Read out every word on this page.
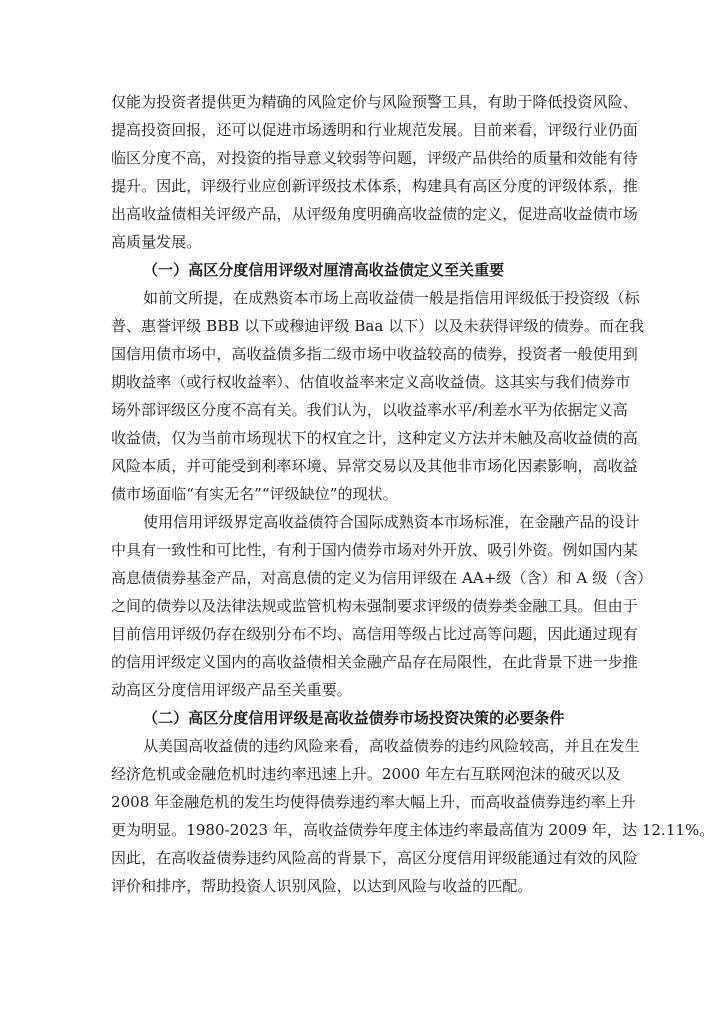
仅能为投资者提供更为精确的风险定价与风险预警工具，有助于降低投资风险、
提高投资回报，还可以促进市场透明和行业规范发展。目前来看，评级行业仍面
临区分度不高，对投资的指导意义较弱等问题，评级产品供给的质量和效能有待
提升。因此，评级行业应创新评级技术体系，构建具有高区分度的评级体系，推
出高收益债相关评级产品，从评级角度明确高收益债的定义，促进高收益债市场
高质量发展。
（一）高区分度信用评级对厘清高收益债定义至关重要
如前文所提，在成熟资本市场上高收益债一般是指信用评级低于投资级（标
普、惠誉评级 BBB 以下或穆迪评级 Baa 以下）以及未获得评级的债券。而在我
国信用债市场中，高收益债多指二级市场中收益较高的债券，投资者一般使用到
期收益率（或行权收益率）、估值收益率来定义高收益债。这其实与我们债券市
场外部评级区分度不高有关。我们认为，以收益率水平/利差水平为依据定义高
收益债，仅为当前市场现状下的权宜之计，这种定义方法并未触及高收益债的高
风险本质，并可能受到利率环境、异常交易以及其他非市场化因素影响，高收益
债市场面临“有实无名”“评级缺位”的现状。
使用信用评级界定高收益债符合国际成熟资本市场标准，在金融产品的设计
中具有一致性和可比性，有利于国内债券市场对外开放、吸引外资。例如国内某
高息债债券基金产品，对高息债的定义为信用评级在 AA+级（含）和 A 级（含）
之间的债券以及法律法规或监管机构未强制要求评级的债券类金融工具。但由于
目前信用评级仍存在级别分布不均、高信用等级占比过高等问题，因此通过现有
的信用评级定义国内的高收益债相关金融产品存在局限性，在此背景下进一步推
动高区分度信用评级产品至关重要。
（二）高区分度信用评级是高收益债券市场投资决策的必要条件
从美国高收益债的违约风险来看，高收益债券的违约风险较高，并且在发生
经济危机或金融危机时违约率迅速上升。2000 年左右互联网泡沫的破灭以及
2008 年金融危机的发生均使得债券违约率大幅上升，而高收益债券违约率上升
更为明显。1980-2023 年，高收益债券年度主体违约率最高值为 2009 年，达 12.11%。
因此，在高收益债券违约风险高的背景下，高区分度信用评级能通过有效的风险
评价和排序，帮助投资人识别风险，以达到风险与收益的匹配。
